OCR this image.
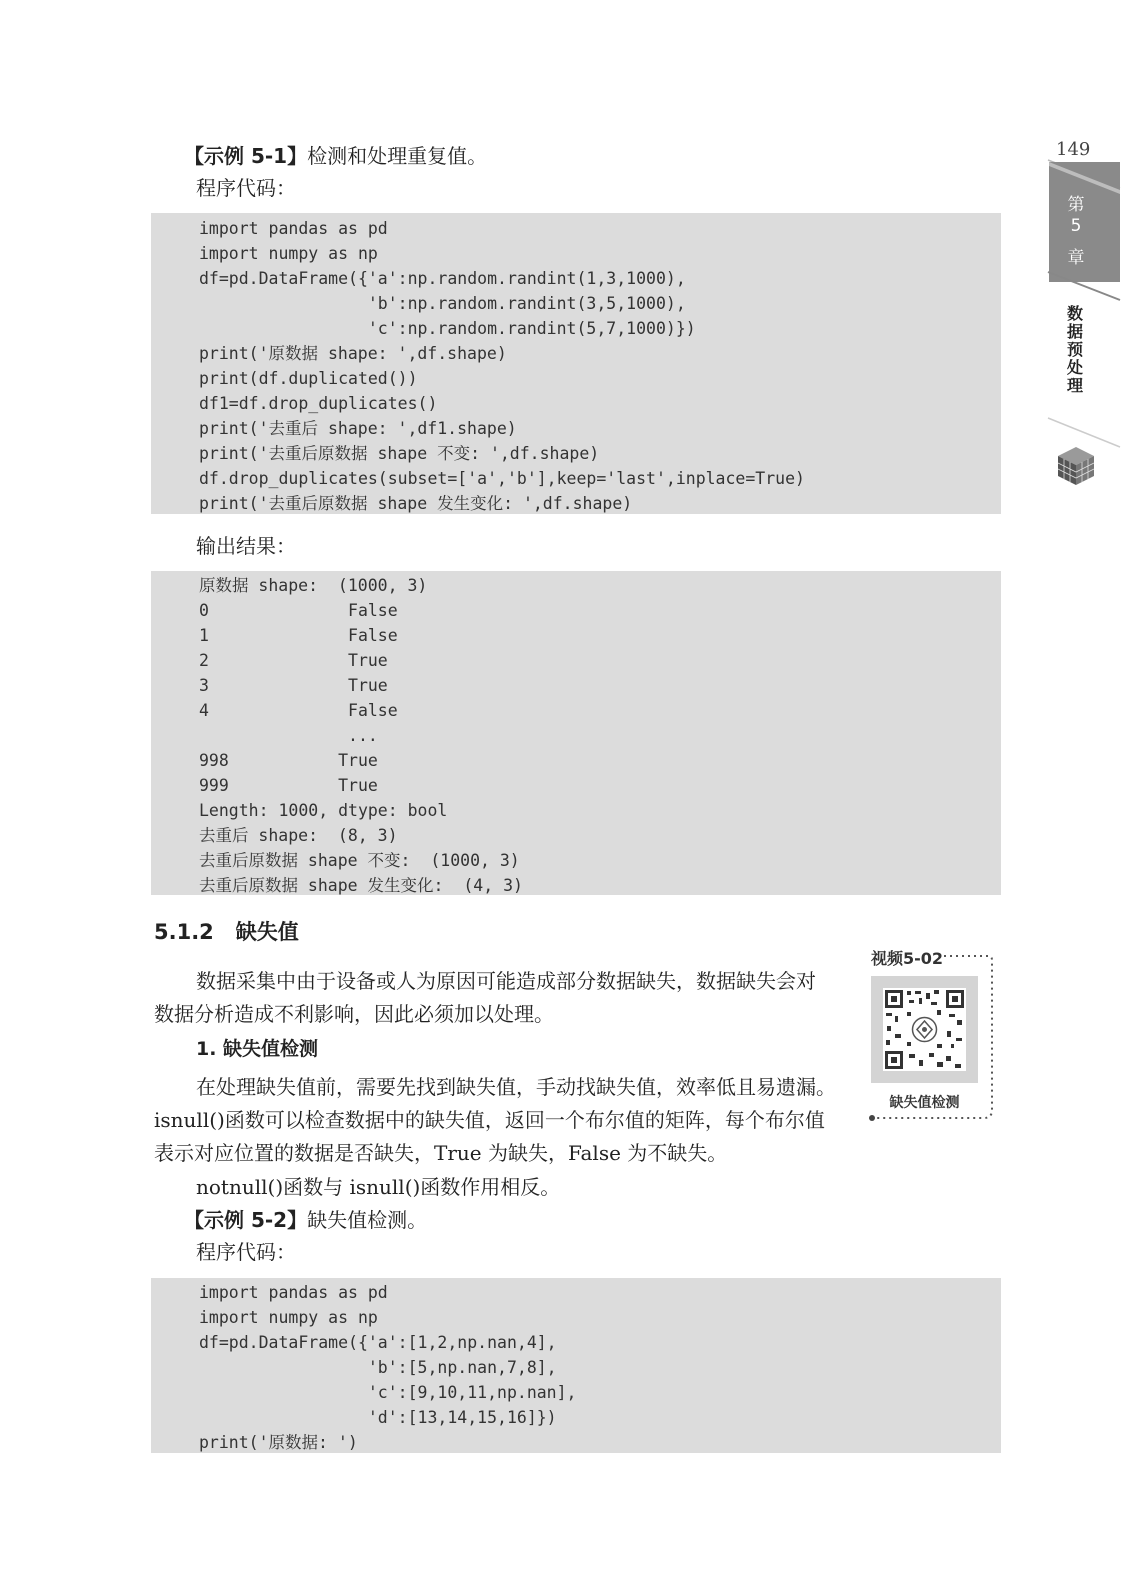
149
第
5
章
数据预处理
【示例 5-1】检测和处理重复值。
程序代码：
import pandas as pd
import numpy as np
df=pd.DataFrame({'a':np.random.randint(1,3,1000),
'b':np.random.randint(3,5,1000),
'c':np.random.randint(5,7,1000)})
print('原数据 shape: ',df.shape)
print(df.duplicated())
df1=df.drop_duplicates()
print('去重后 shape: ',df1.shape)
print('去重后原数据 shape 不变: ',df.shape)
df.drop_duplicates(subset=['a','b'],keep='last',inplace=True)
print('去重后原数据 shape 发生变化: ',df.shape)
输出结果：
原数据 shape:  (1000, 3)
0              False
1              False
2              True
3              True
4              False
...
998           True
999           True
Length: 1000, dtype: bool
去重后 shape:  (8, 3)
去重后原数据 shape 不变:  (1000, 3)
去重后原数据 shape 发生变化:  (4, 3)
5.1.2 缺失值
数据采集中由于设备或人为原因可能造成部分数据缺失，数据缺失会对
数据分析造成不利影响，因此必须加以处理。
1. 缺失值检测
在处理缺失值前，需要先找到缺失值，手动找缺失值，效率低且易遗漏。
isnull()函数可以检查数据中的缺失值，返回一个布尔值的矩阵，每个布尔值
表示对应位置的数据是否缺失，True 为缺失，False 为不缺失。
notnull()函数与 isnull()函数作用相反。
【示例 5-2】缺失值检测。
程序代码：
import pandas as pd
import numpy as np
df=pd.DataFrame({'a':[1,2,np.nan,4],
'b':[5,np.nan,7,8],
'c':[9,10,11,np.nan],
'd':[13,14,15,16]})
print('原数据: ')
视频5-02
缺失值检测
